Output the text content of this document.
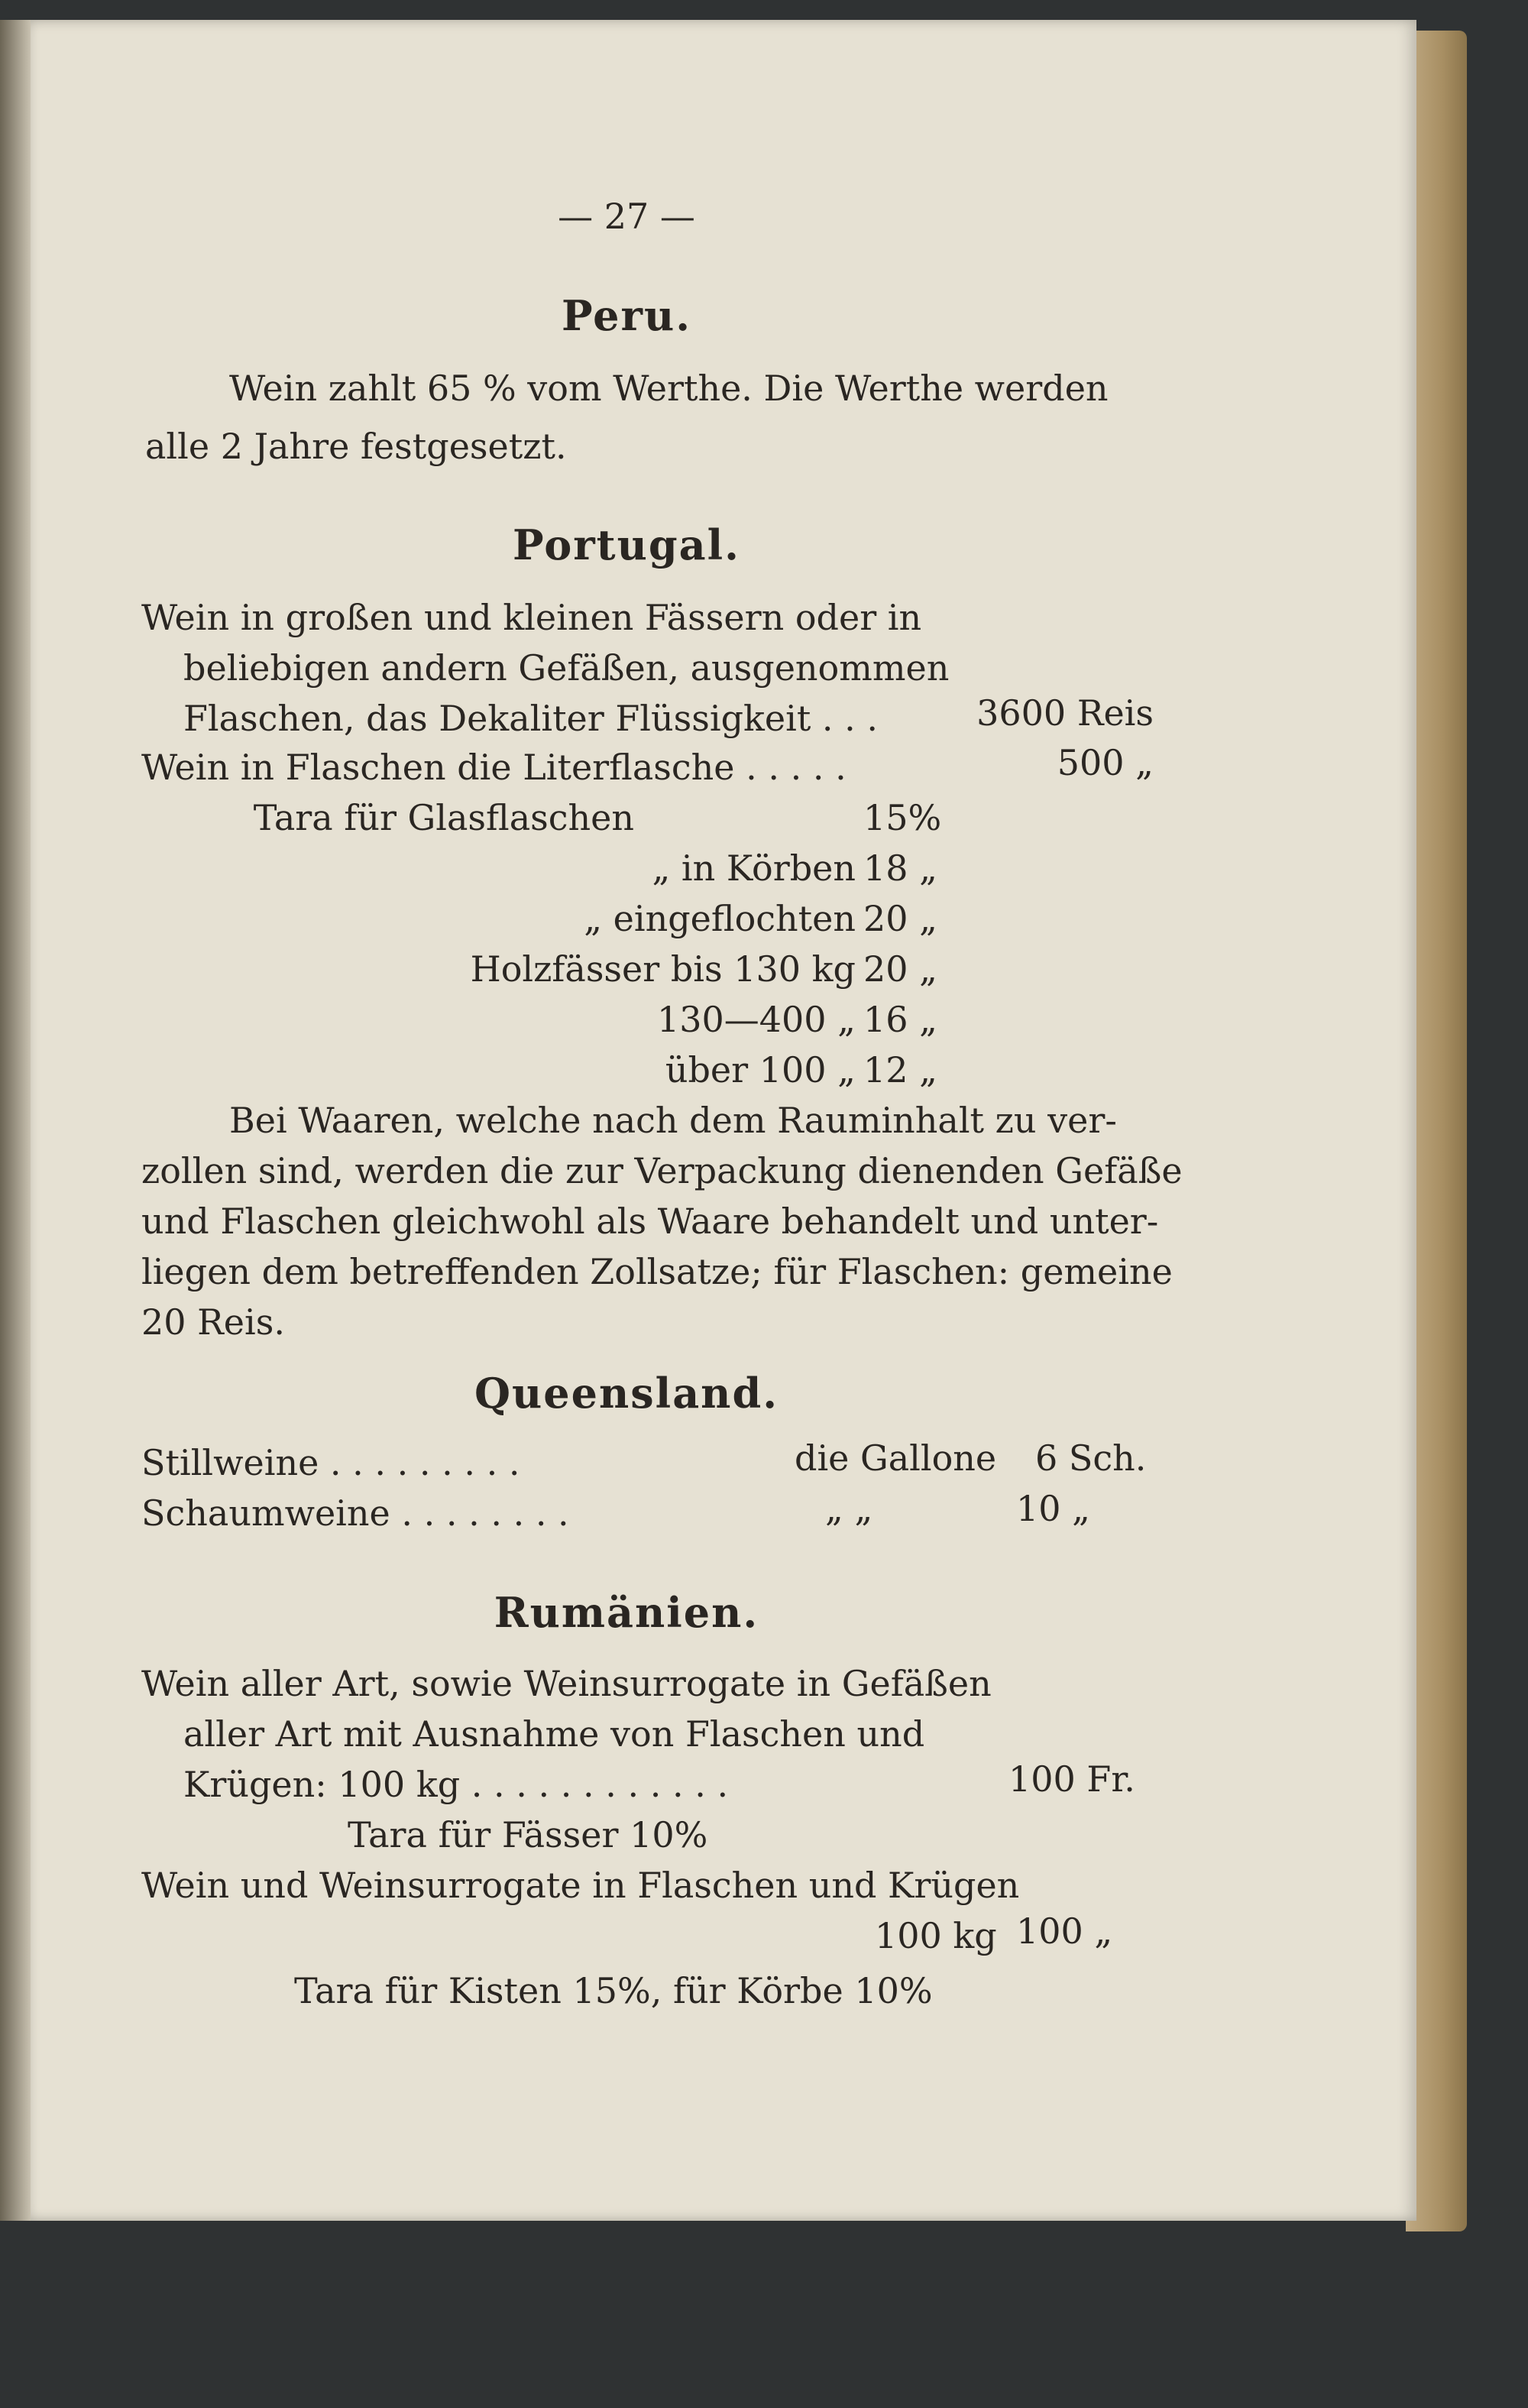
— 27 —
Peru.
Wein zahlt 65 % vom Werthe. Die Werthe werden
alle 2 Jahre festgesetzt.
Portugal.
Wein in großen und kleinen Fässern oder in
beliebigen andern Gefäßen, ausgenommen
Flaschen, das Dekaliter Flüssigkeit . . .	3600 Reis
Wein in Flaschen die Literflasche . . . . .	500 „
Tara für Glasflaschen	15%
„ in Körben 18 „
„ eingeflochten 20 „
Holzfässer bis 130 kg 20 „
130—400 „ 16 „
über 100 „ 12 „
Bei Waaren, welche nach dem Rauminhalt zu ver-
zollen sind, werden die zur Verpackung dienenden Gefäße
und Flaschen gleichwohl als Waare behandelt und unter-
liegen dem betreffenden Zollsatze; für Flaschen: gemeine
20 Reis.
Queensland.
Stillweine . . . . . . . . .	die Gallone 6 Sch.
Schaumweine . . . . . . . .	„ „	10 „
Rumänien.
Wein aller Art, sowie Weinsurrogate in Gefäßen
aller Art mit Ausnahme von Flaschen und
Krügen: 100 kg . . . . . . . . . . . .	100 Fr.
Tara für Fässer 10%
Wein und Weinsurrogate in Flaschen und Krügen
100 kg 100 „
Tara für Kisten 15%, für Körbe 10%
